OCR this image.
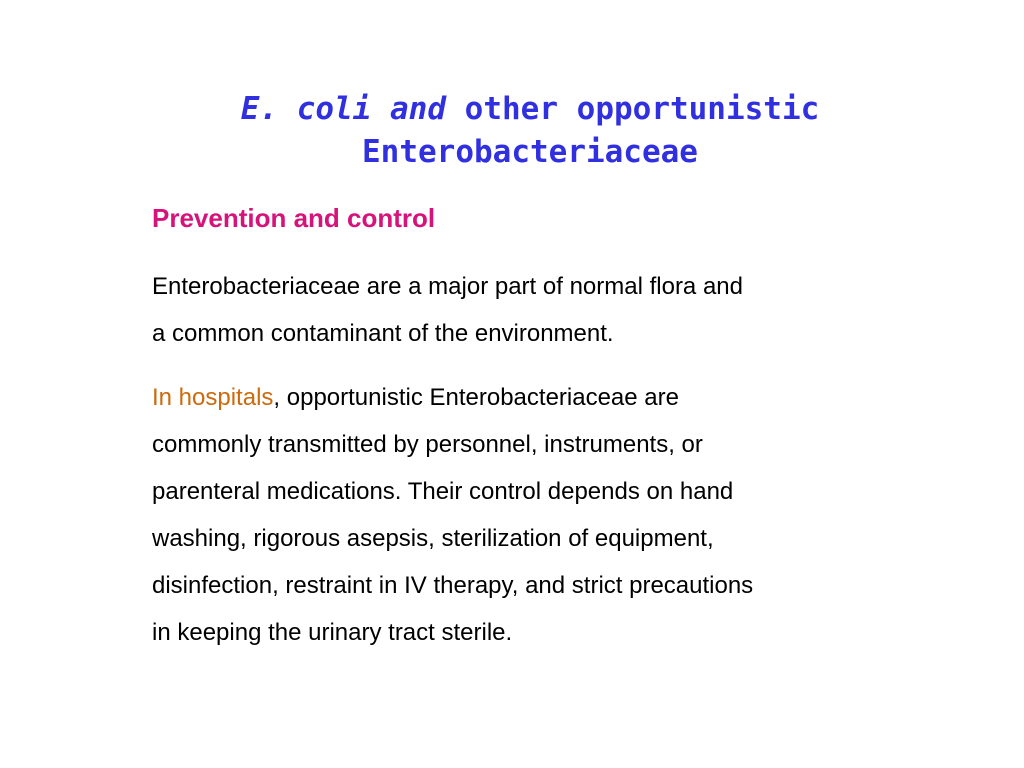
E. coli and other opportunistic
Enterobacteriaceae
Prevention and control

Enterobacteriaceae are a major part of normal flora and
a common contaminant of the environment.

In hospitals, opportunistic Enterobacteriaceae are
commonly transmitted by personnel, instruments, or
parenteral medications. Their control depends on hand
washing, rigorous asepsis, sterilization of equipment,
disinfection, restraint in IV therapy, and strict precautions
in keeping the urinary tract sterile.
